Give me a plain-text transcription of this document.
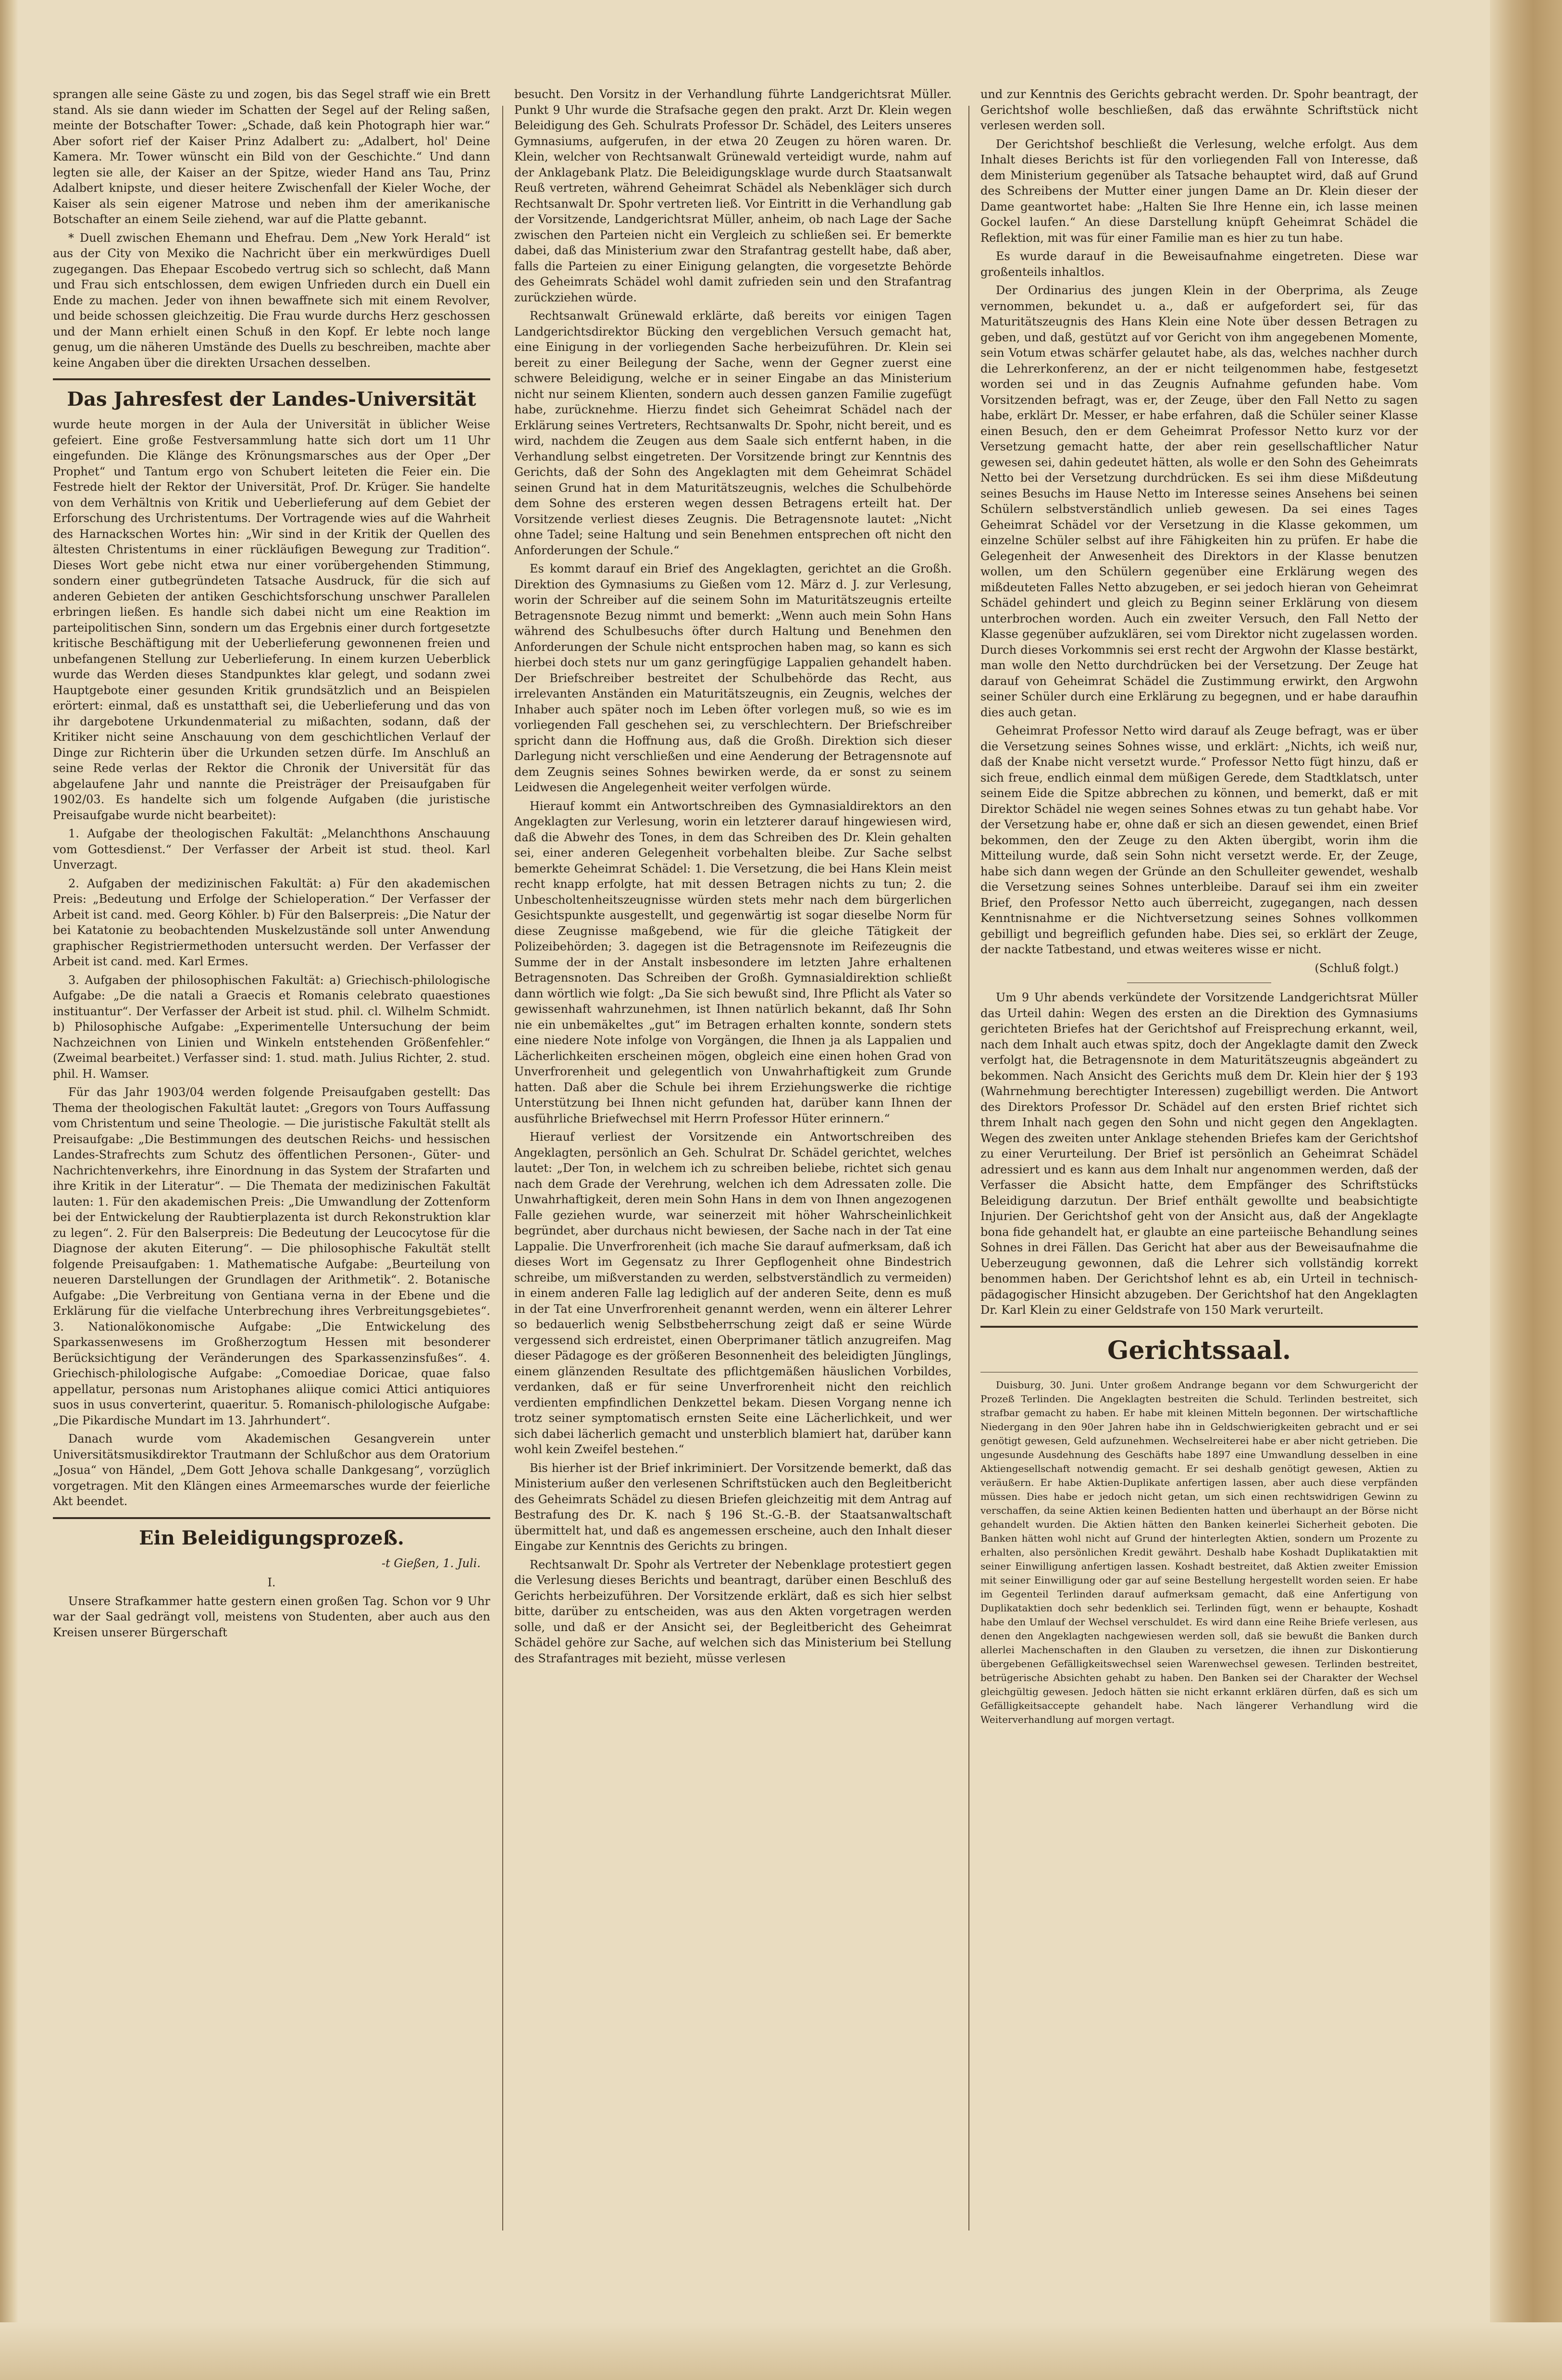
sprangen alle seine Gäste zu und zogen, bis das Segel straff wie ein Brett stand. Als sie dann wieder im Schatten der Segel auf der Reling saßen, meinte der Botschafter Tower: „Schade, daß kein Photograph hier war.“ Aber sofort rief der Kaiser Prinz Adalbert zu: „Adalbert, hol' Deine Kamera. Mr. Tower wünscht ein Bild von der Geschichte.“ Und dann legten sie alle, der Kaiser an der Spitze, wieder Hand ans Tau, Prinz Adalbert knipste, und dieser heitere Zwischenfall der Kieler Woche, der Kaiser als sein eigener Matrose und neben ihm der amerikanische Botschafter an einem Seile ziehend, war auf die Platte gebannt.

* Duell zwischen Ehemann und Ehefrau. Dem „New York Herald“ ist aus der City von Mexiko die Nachricht über ein merkwürdiges Duell zugegangen. Das Ehepaar Escobedo vertrug sich so schlecht, daß Mann und Frau sich entschlossen, dem ewigen Unfrieden durch ein Duell ein Ende zu machen. Jeder von ihnen bewaffnete sich mit einem Revolver, und beide schossen gleichzeitig. Die Frau wurde durchs Herz geschossen und der Mann erhielt einen Schuß in den Kopf. Er lebte noch lange genug, um die näheren Umstände des Duells zu beschreiben, machte aber keine Angaben über die direkten Ursachen desselben.

Das Jahresfest der Landes-Universität

wurde heute morgen in der Aula der Universität in üblicher Weise gefeiert. Eine große Festversammlung hatte sich dort um 11 Uhr eingefunden. Die Klänge des Krönungsmarsches aus der Oper „Der Prophet“ und Tantum ergo von Schubert leiteten die Feier ein. Die Festrede hielt der Rektor der Universität, Prof. Dr. Krüger. Sie handelte von dem Verhältnis von Kritik und Ueberlieferung auf dem Gebiet der Erforschung des Urchristentums. Der Vortragende wies auf die Wahrheit des Harnackschen Wortes hin: „Wir sind in der Kritik der Quellen des ältesten Christentums in einer rückläufigen Bewegung zur Tradition“. Dieses Wort gebe nicht etwa nur einer vorübergehenden Stimmung, sondern einer gutbegründeten Tatsache Ausdruck, für die sich auf anderen Gebieten der antiken Geschichtsforschung unschwer Parallelen erbringen ließen. Es handle sich dabei nicht um eine Reaktion im parteipolitischen Sinn, sondern um das Ergebnis einer durch fortgesetzte kritische Beschäftigung mit der Ueberlieferung gewonnenen freien und unbefangenen Stellung zur Ueberlieferung. In einem kurzen Ueberblick wurde das Werden dieses Standpunktes klar gelegt, und sodann zwei Hauptgebote einer gesunden Kritik grundsätzlich und an Beispielen erörtert: einmal, daß es unstatthaft sei, die Ueberlieferung und das von ihr dargebotene Urkundenmaterial zu mißachten, sodann, daß der Kritiker nicht seine Anschauung von dem geschichtlichen Verlauf der Dinge zur Richterin über die Urkunden setzen dürfe. Im Anschluß an seine Rede verlas der Rektor die Chronik der Universität für das abgelaufene Jahr und nannte die Preisträger der Preisaufgaben für 1902/03. Es handelte sich um folgende Aufgaben (die juristische Preisaufgabe wurde nicht bearbeitet):

1. Aufgabe der theologischen Fakultät: „Melanchthons Anschauung vom Gottesdienst.“ Der Verfasser der Arbeit ist stud. theol. Karl Unverzagt.

2. Aufgaben der medizinischen Fakultät: a) Für den akademischen Preis: „Bedeutung und Erfolge der Schieloperation.“ Der Verfasser der Arbeit ist cand. med. Georg Köhler. b) Für den Balserpreis: „Die Natur der bei Katatonie zu beobachtenden Muskelzustände soll unter Anwendung graphischer Registriermethoden untersucht werden. Der Verfasser der Arbeit ist cand. med. Karl Ermes.

3. Aufgaben der philosophischen Fakultät: a) Griechisch-philologische Aufgabe: „De die natali a Graecis et Romanis celebrato quaestiones instituantur“. Der Verfasser der Arbeit ist stud. phil. cl. Wilhelm Schmidt. b) Philosophische Aufgabe: „Experimentelle Untersuchung der beim Nachzeichnen von Linien und Winkeln entstehenden Größenfehler.“ (Zweimal bearbeitet.) Verfasser sind: 1. stud. math. Julius Richter, 2. stud. phil. H. Wamser.

Für das Jahr 1903/04 werden folgende Preisaufgaben gestellt: Das Thema der theologischen Fakultät lautet: „Gregors von Tours Auffassung vom Christentum und seine Theologie. — Die juristische Fakultät stellt als Preisaufgabe: „Die Bestimmungen des deutschen Reichs- und hessischen Landes-Strafrechts zum Schutz des öffentlichen Personen-, Güter- und Nachrichtenverkehrs, ihre Einordnung in das System der Strafarten und ihre Kritik in der Literatur“. — Die Themata der medizinischen Fakultät lauten: 1. Für den akademischen Preis: „Die Umwandlung der Zottenform bei der Entwickelung der Raubtierplazenta ist durch Rekonstruktion klar zu legen“. 2. Für den Balserpreis: Die Bedeutung der Leucocytose für die Diagnose der akuten Eiterung“. — Die philosophische Fakultät stellt folgende Preisaufgaben: 1. Mathematische Aufgabe: „Beurteilung von neueren Darstellungen der Grundlagen der Arithmetik“. 2. Botanische Aufgabe: „Die Verbreitung von Gentiana verna in der Ebene und die Erklärung für die vielfache Unterbrechung ihres Verbreitungsgebietes“. 3. Nationalökonomische Aufgabe: „Die Entwickelung des Sparkassenwesens im Großherzogtum Hessen mit besonderer Berücksichtigung der Veränderungen des Sparkassenzinsfußes“. 4. Griechisch-philologische Aufgabe: „Comoediae Doricae, quae falso appellatur, personas num Aristophanes aliique comici Attici antiquiores suos in usus converterint, quaeritur. 5. Romanisch-philologische Aufgabe: „Die Pikardische Mundart im 13. Jahrhundert“.

Danach wurde vom Akademischen Gesangverein unter Universitätsmusikdirektor Trautmann der Schlußchor aus dem Oratorium „Josua“ von Händel, „Dem Gott Jehova schalle Dankgesang“, vorzüglich vorgetragen. Mit den Klängen eines Armeemarsches wurde der feierliche Akt beendet.

Ein Beleidigungsprozeß.
-t Gießen, 1. Juli.
I.

Unsere Strafkammer hatte gestern einen großen Tag. Schon vor 9 Uhr war der Saal gedrängt voll, meistens von Studenten, aber auch aus den Kreisen unserer Bürgerschaft

besucht. Den Vorsitz in der Verhandlung führte Landgerichtsrat Müller. Punkt 9 Uhr wurde die Strafsache gegen den prakt. Arzt Dr. Klein wegen Beleidigung des Geh. Schulrats Professor Dr. Schädel, des Leiters unseres Gymnasiums, aufgerufen, in der etwa 20 Zeugen zu hören waren. Dr. Klein, welcher von Rechtsanwalt Grünewald verteidigt wurde, nahm auf der Anklagebank Platz. Die Beleidigungsklage wurde durch Staatsanwalt Reuß vertreten, während Geheimrat Schädel als Nebenkläger sich durch Rechtsanwalt Dr. Spohr vertreten ließ. Vor Eintritt in die Verhandlung gab der Vorsitzende, Landgerichtsrat Müller, anheim, ob nach Lage der Sache zwischen den Parteien nicht ein Vergleich zu schließen sei. Er bemerkte dabei, daß das Ministerium zwar den Strafantrag gestellt habe, daß aber, falls die Parteien zu einer Einigung gelangten, die vorgesetzte Behörde des Geheimrats Schädel wohl damit zufrieden sein und den Strafantrag zurückziehen würde.

Rechtsanwalt Grünewald erklärte, daß bereits vor einigen Tagen Landgerichtsdirektor Bücking den vergeblichen Versuch gemacht hat, eine Einigung in der vorliegenden Sache herbeizuführen. Dr. Klein sei bereit zu einer Beilegung der Sache, wenn der Gegner zuerst eine schwere Beleidigung, welche er in seiner Eingabe an das Ministerium nicht nur seinem Klienten, sondern auch dessen ganzen Familie zugefügt habe, zurücknehme. Hierzu findet sich Geheimrat Schädel nach der Erklärung seines Vertreters, Rechtsanwalts Dr. Spohr, nicht bereit, und es wird, nachdem die Zeugen aus dem Saale sich entfernt haben, in die Verhandlung selbst eingetreten. Der Vorsitzende bringt zur Kenntnis des Gerichts, daß der Sohn des Angeklagten mit dem Geheimrat Schädel seinen Grund hat in dem Maturitätszeugnis, welches die Schulbehörde dem Sohne des ersteren wegen dessen Betragens erteilt hat. Der Vorsitzende verliest dieses Zeugnis. Die Betragensnote lautet: „Nicht ohne Tadel; seine Haltung und sein Benehmen entsprechen oft nicht den Anforderungen der Schule.“

Es kommt darauf ein Brief des Angeklagten, gerichtet an die Großh. Direktion des Gymnasiums zu Gießen vom 12. März d. J. zur Verlesung, worin der Schreiber auf die seinem Sohn im Maturitätszeugnis erteilte Betragensnote Bezug nimmt und bemerkt: „Wenn auch mein Sohn Hans während des Schulbesuchs öfter durch Haltung und Benehmen den Anforderungen der Schule nicht entsprochen haben mag, so kann es sich hierbei doch stets nur um ganz geringfügige Lappalien gehandelt haben. Der Briefschreiber bestreitet der Schulbehörde das Recht, aus irrelevanten Anständen ein Maturitätszeugnis, ein Zeugnis, welches der Inhaber auch später noch im Leben öfter vorlegen muß, so wie es im vorliegenden Fall geschehen sei, zu verschlechtern. Der Briefschreiber spricht dann die Hoffnung aus, daß die Großh. Direktion sich dieser Darlegung nicht verschließen und eine Aenderung der Betragensnote auf dem Zeugnis seines Sohnes bewirken werde, da er sonst zu seinem Leidwesen die Angelegenheit weiter verfolgen würde.

Hierauf kommt ein Antwortschreiben des Gymnasialdirektors an den Angeklagten zur Verlesung, worin ein letzterer darauf hingewiesen wird, daß die Abwehr des Tones, in dem das Schreiben des Dr. Klein gehalten sei, einer anderen Gelegenheit vorbehalten bleibe. Zur Sache selbst bemerkte Geheimrat Schädel: 1. Die Versetzung, die bei Hans Klein meist recht knapp erfolgte, hat mit dessen Betragen nichts zu tun; 2. die Unbescholtenheitszeugnisse würden stets mehr nach dem bürgerlichen Gesichtspunkte ausgestellt, und gegenwärtig ist sogar dieselbe Norm für diese Zeugnisse maßgebend, wie für die gleiche Tätigkeit der Polizeibehörden; 3. dagegen ist die Betragensnote im Reifezeugnis die Summe der in der Anstalt insbesondere im letzten Jahre erhaltenen Betragensnoten. Das Schreiben der Großh. Gymnasialdirektion schließt dann wörtlich wie folgt: „Da Sie sich bewußt sind, Ihre Pflicht als Vater so gewissenhaft wahrzunehmen, ist Ihnen natürlich bekannt, daß Ihr Sohn nie ein unbemäkeltes „gut“ im Betragen erhalten konnte, sondern stets eine niedere Note infolge von Vorgängen, die Ihnen ja als Lappalien und Lächerlichkeiten erscheinen mögen, obgleich eine einen hohen Grad von Unverfrorenheit und gelegentlich von Unwahrhaftigkeit zum Grunde hatten. Daß aber die Schule bei ihrem Erziehungswerke die richtige Unterstützung bei Ihnen nicht gefunden hat, darüber kann Ihnen der ausführliche Briefwechsel mit Herrn Professor Hüter erinnern.“

Hierauf verliest der Vorsitzende ein Antwortschreiben des Angeklagten, persönlich an Geh. Schulrat Dr. Schädel gerichtet, welches lautet: „Der Ton, in welchem ich zu schreiben beliebe, richtet sich genau nach dem Grade der Verehrung, welchen ich dem Adressaten zolle. Die Unwahrhaftigkeit, deren mein Sohn Hans in dem von Ihnen angezogenen Falle geziehen wurde, war seinerzeit mit höher Wahrscheinlichkeit begründet, aber durchaus nicht bewiesen, der Sache nach in der Tat eine Lappalie. Die Unverfrorenheit (ich mache Sie darauf aufmerksam, daß ich dieses Wort im Gegensatz zu Ihrer Gepflogenheit ohne Bindestrich schreibe, um mißverstanden zu werden, selbstverständlich zu vermeiden) in einem anderen Falle lag lediglich auf der anderen Seite, denn es muß in der Tat eine Unverfrorenheit genannt werden, wenn ein älterer Lehrer so bedauerlich wenig Selbstbeherrschung zeigt daß er seine Würde vergessend sich erdreistet, einen Oberprimaner tätlich anzugreifen. Mag dieser Pädagoge es der größeren Besonnenheit des beleidigten Jünglings, einem glänzenden Resultate des pflichtgemäßen häuslichen Vorbildes, verdanken, daß er für seine Unverfrorenheit nicht den reichlich verdienten empfindlichen Denkzettel bekam. Diesen Vorgang nenne ich trotz seiner symptomatisch ernsten Seite eine Lächerlichkeit, und wer sich dabei lächerlich gemacht und unsterblich blamiert hat, darüber kann wohl kein Zweifel bestehen.“

Bis hierher ist der Brief inkriminiert. Der Vorsitzende bemerkt, daß das Ministerium außer den verlesenen Schriftstücken auch den Begleitbericht des Geheimrats Schädel zu diesen Briefen gleichzeitig mit dem Antrag auf Bestrafung des Dr. K. nach § 196 St.-G.-B. der Staatsanwaltschaft übermittelt hat, und daß es angemessen erscheine, auch den Inhalt dieser Eingabe zur Kenntnis des Gerichts zu bringen.

Rechtsanwalt Dr. Spohr als Vertreter der Nebenklage protestiert gegen die Verlesung dieses Berichts und beantragt, darüber einen Beschluß des Gerichts herbeizuführen. Der Vorsitzende erklärt, daß es sich hier selbst bitte, darüber zu entscheiden, was aus den Akten vorgetragen werden solle, und daß er der Ansicht sei, der Begleitbericht des Geheimrat Schädel gehöre zur Sache, auf welchen sich das Ministerium bei Stellung des Strafantrages mit bezieht, müsse verlesen

und zur Kenntnis des Gerichts gebracht werden. Dr. Spohr beantragt, der Gerichtshof wolle beschließen, daß das erwähnte Schriftstück nicht verlesen werden soll.

Der Gerichtshof beschließt die Verlesung, welche erfolgt. Aus dem Inhalt dieses Berichts ist für den vorliegenden Fall von Interesse, daß dem Ministerium gegenüber als Tatsache behauptet wird, daß auf Grund des Schreibens der Mutter einer jungen Dame an Dr. Klein dieser der Dame geantwortet habe: „Halten Sie Ihre Henne ein, ich lasse meinen Gockel laufen.“ An diese Darstellung knüpft Geheimrat Schädel die Reflektion, mit was für einer Familie man es hier zu tun habe.

Es wurde darauf in die Beweisaufnahme eingetreten. Diese war großenteils inhaltlos.

Der Ordinarius des jungen Klein in der Oberprima, als Zeuge vernommen, bekundet u. a., daß er aufgefordert sei, für das Maturitätszeugnis des Hans Klein eine Note über dessen Betragen zu geben, und daß, gestützt auf vor Gericht von ihm angegebenen Momente, sein Votum etwas schärfer gelautet habe, als das, welches nachher durch die Lehrerkonferenz, an der er nicht teilgenommen habe, festgesetzt worden sei und in das Zeugnis Aufnahme gefunden habe. Vom Vorsitzenden befragt, was er, der Zeuge, über den Fall Netto zu sagen habe, erklärt Dr. Messer, er habe erfahren, daß die Schüler seiner Klasse einen Besuch, den er dem Geheimrat Professor Netto kurz vor der Versetzung gemacht hatte, der aber rein gesellschaftlicher Natur gewesen sei, dahin gedeutet hätten, als wolle er den Sohn des Geheimrats Netto bei der Versetzung durchdrücken. Es sei ihm diese Mißdeutung seines Besuchs im Hause Netto im Interesse seines Ansehens bei seinen Schülern selbstverständlich unlieb gewesen. Da sei eines Tages Geheimrat Schädel vor der Versetzung in die Klasse gekommen, um einzelne Schüler selbst auf ihre Fähigkeiten hin zu prüfen. Er habe die Gelegenheit der Anwesenheit des Direktors in der Klasse benutzen wollen, um den Schülern gegenüber eine Erklärung wegen des mißdeuteten Falles Netto abzugeben, er sei jedoch hieran von Geheimrat Schädel gehindert und gleich zu Beginn seiner Erklärung von diesem unterbrochen worden. Auch ein zweiter Versuch, den Fall Netto der Klasse gegenüber aufzuklären, sei vom Direktor nicht zugelassen worden. Durch dieses Vorkommnis sei erst recht der Argwohn der Klasse bestärkt, man wolle den Netto durchdrücken bei der Versetzung. Der Zeuge hat darauf von Geheimrat Schädel die Zustimmung erwirkt, den Argwohn seiner Schüler durch eine Erklärung zu begegnen, und er habe daraufhin dies auch getan.

Geheimrat Professor Netto wird darauf als Zeuge befragt, was er über die Versetzung seines Sohnes wisse, und erklärt: „Nichts, ich weiß nur, daß der Knabe nicht versetzt wurde.“ Professor Netto fügt hinzu, daß er sich freue, endlich einmal dem müßigen Gerede, dem Stadtklatsch, unter seinem Eide die Spitze abbrechen zu können, und bemerkt, daß er mit Direktor Schädel nie wegen seines Sohnes etwas zu tun gehabt habe. Vor der Versetzung habe er, ohne daß er sich an diesen gewendet, einen Brief bekommen, den der Zeuge zu den Akten übergibt, worin ihm die Mitteilung wurde, daß sein Sohn nicht versetzt werde. Er, der Zeuge, habe sich dann wegen der Gründe an den Schulleiter gewendet, weshalb die Versetzung seines Sohnes unterbleibe. Darauf sei ihm ein zweiter Brief, den Professor Netto auch überreicht, zugegangen, nach dessen Kenntnisnahme er die Nichtversetzung seines Sohnes vollkommen gebilligt und begreiflich gefunden habe. Dies sei, so erklärt der Zeuge, der nackte Tatbestand, und etwas weiteres wisse er nicht.

(Schluß folgt.)

Um 9 Uhr abends verkündete der Vorsitzende Landgerichtsrat Müller das Urteil dahin: Wegen des ersten an die Direktion des Gymnasiums gerichteten Briefes hat der Gerichtshof auf Freisprechung erkannt, weil, nach dem Inhalt auch etwas spitz, doch der Angeklagte damit den Zweck verfolgt hat, die Betragensnote in dem Maturitätszeugnis abgeändert zu bekommen. Nach Ansicht des Gerichts muß dem Dr. Klein hier der § 193 (Wahrnehmung berechtigter Interessen) zugebilligt werden. Die Antwort des Direktors Professor Dr. Schädel auf den ersten Brief richtet sich threm Inhalt nach gegen den Sohn und nicht gegen den Angeklagten. Wegen des zweiten unter Anklage stehenden Briefes kam der Gerichtshof zu einer Verurteilung. Der Brief ist persönlich an Geheimrat Schädel adressiert und es kann aus dem Inhalt nur angenommen werden, daß der Verfasser die Absicht hatte, dem Empfänger des Schriftstücks Beleidigung darzutun. Der Brief enthält gewollte und beabsichtigte Injurien. Der Gerichtshof geht von der Ansicht aus, daß der Angeklagte bona fide gehandelt hat, er glaubte an eine parteiische Behandlung seines Sohnes in drei Fällen. Das Gericht hat aber aus der Beweisaufnahme die Ueberzeugung gewonnen, daß die Lehrer sich vollständig korrekt benommen haben. Der Gerichtshof lehnt es ab, ein Urteil in technisch-pädagogischer Hinsicht abzugeben. Der Gerichtshof hat den Angeklagten Dr. Karl Klein zu einer Geldstrafe von 150 Mark verurteilt.

Gerichtssaal.

Duisburg, 30. Juni. Unter großem Andrange begann vor dem Schwurgericht der Prozeß Terlinden. Die Angeklagten bestreiten die Schuld. Terlinden bestreitet, sich strafbar gemacht zu haben. Er habe mit kleinen Mitteln begonnen. Der wirtschaftliche Niedergang in den 90er Jahren habe ihn in Geldschwierigkeiten gebracht und er sei genötigt gewesen, Geld aufzunehmen. Wechselreiterei habe er aber nicht getrieben. Die ungesunde Ausdehnung des Geschäfts habe 1897 eine Umwandlung desselben in eine Aktiengesellschaft notwendig gemacht. Er sei deshalb genötigt gewesen, Aktien zu veräußern. Er habe Aktien-Duplikate anfertigen lassen, aber auch diese verpfänden müssen. Dies habe er jedoch nicht getan, um sich einen rechtswidrigen Gewinn zu verschaffen, da seine Aktien keinen Bedienten hatten und überhaupt an der Börse nicht gehandelt wurden. Die Aktien hätten den Banken keinerlei Sicherheit geboten. Die Banken hätten wohl nicht auf Grund der hinterlegten Aktien, sondern um Prozente zu erhalten, also persönlichen Kredit gewährt. Deshalb habe Koshadt Duplikataktien mit seiner Einwilligung anfertigen lassen. Koshadt bestreitet, daß Aktien zweiter Emission mit seiner Einwilligung oder gar auf seine Bestellung hergestellt worden seien. Er habe im Gegenteil Terlinden darauf aufmerksam gemacht, daß eine Anfertigung von Duplikataktien doch sehr bedenklich sei. Terlinden fügt, wenn er behaupte, Koshadt habe den Umlauf der Wechsel verschuldet. Es wird dann eine Reihe Briefe verlesen, aus denen den Angeklagten nachgewiesen werden soll, daß sie bewußt die Banken durch allerlei Machenschaften in den Glauben zu versetzen, die ihnen zur Diskontierung übergebenen Gefälligkeitswechsel seien Warenwechsel gewesen. Terlinden bestreitet, betrügerische Absichten gehabt zu haben. Den Banken sei der Charakter der Wechsel gleichgültig gewesen. Jedoch hätten sie nicht erkannt erklären dürfen, daß es sich um Gefälligkeitsaccepte gehandelt habe. Nach längerer Verhandlung wird die Weiterverhandlung auf morgen vertagt.
